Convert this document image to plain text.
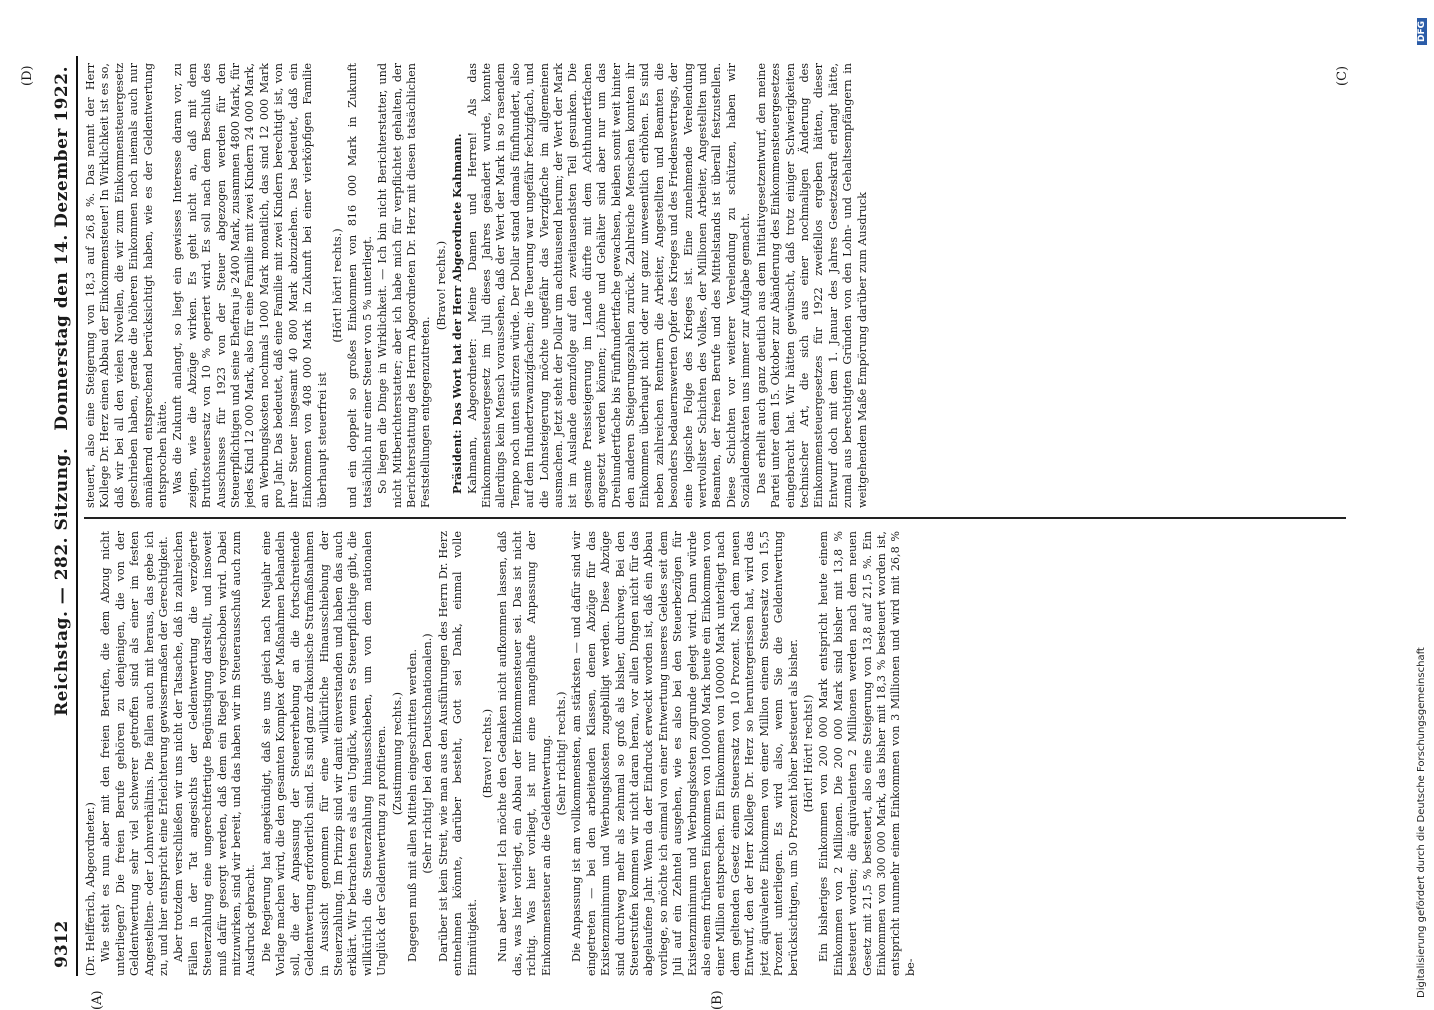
9312
Reichstag. — 282. Sitzung.
Donnerstag den 14. Dezember 1922.

(Dr. Helfferich, Abgeordneter.) Wie steht es nun aber mit den freien Berufen, die dem Abzug nicht unterliegen? Die freien Berufe gehören zu denjenigen, die von der Geldentwertung sehr viel schwerer getroffen sind als einer im festen Angestellten- oder Lohnverhältnis. Die fallen auch mit heraus, das gebe ich zu, und hier entspricht eine Erleichterung gewissermaßen der Gerechtigkeit. Aber trotzdem verschließen wir uns nicht der Tatsache, daß in zahlreichen Fällen in der Tat angesichts der Geldentwertung die verzögerte Steuerzahlung eine ungerechtfertigte Begünstigung darstellt, und insoweit muß dafür gesorgt werden, daß dem ein Riegel vorgeschoben wird. Dabei mitzuwirken, sind wir bereit, und das haben wir im Steuerausschuß auch zum Ausdruck gebracht. Die Regierung hat angekündigt, daß sie uns gleich nach Neujahr eine Vorlage machen wird, die den gesamten Komplex der Maßnahmen behandeln soll, die der Anpassung der Steuererhebung an die fortschreitende Geldentwertung erforderlich sind. Es sind ganz drakonische Strafmaßnahmen in Aussicht genommen für eine willkürliche Hinausschiebung der Steuerzahlung. Im Prinzip sind wir damit einverstanden und haben das auch erklärt. Wir betrachten es als ein Unglück, wenn es Steuerpflichtige gibt, die willkürlich die Steuerzahlung hinausschieben, um von dem nationalen Unglück der Geldentwertung zu profitieren. (Zustimmung rechts.) Dagegen muß mit allen Mitteln eingeschritten werden. (Sehr richtig! bei den Deutschnationalen.) Darüber ist kein Streit, wie man aus den Ausführungen des Herrn Dr. Herz entnehmen könnte, darüber besteht, Gott sei Dank, einmal volle Einmütigkeit.

(Bravo! rechts.) Nun aber weiter! Ich möchte den Gedanken nicht aufkommen lassen, daß das, was hier vorliegt, ein Abbau der Einkommensteuer sei. Das ist nicht richtig. Was hier vorliegt, ist nur eine mangelhafte Anpassung der Einkommensteuer an die Geldentwertung. (Sehr richtig! rechts.) Die Anpassung ist am vollkommensten, am stärksten — und dafür sind wir eingetreten — bei den arbeitenden Klassen, denen Abzüge für das Existenzminimum und Werbungskosten zugebilligt werden. Diese Abzüge sind durchweg mehr als zehnmal so groß als bisher, durchweg. Bei den Steuerstufen kommen wir nicht daran heran, vor allen Dingen nicht für das abgelaufene Jahr. Wenn da der Eindruck erweckt worden ist, daß ein Abbau vorliege, so möchte ich einmal von einer Entwertung unseres Geldes seit dem Juli auf ein Zehntel ausgehen, wie es also bei den Steuerbezügen für Existenzminimum und Werbungskosten zugrunde gelegt wird. Dann würde also einem früheren Einkommen von 100000 Mark heute ein Einkommen von einer Million entsprechen. Ein Einkommen von 100000 Mark unterliegt nach dem geltenden Gesetz einem Steuersatz von 10 Prozent. Nach dem neuen Entwurf, den der Herr Kollege Dr. Herz so heruntergerissen hat, wird das jetzt äquivalente Einkommen von einer Million einem Steuersatz von 15,5 Prozent unterliegen. Es wird also, wenn Sie die Geldentwertung berücksichtigen, um 50 Prozent höher besteuert als bisher. (Hört! Hört! rechts!) Ein bisheriges Einkommen von 200 000 Mark entspricht heute einem Einkommen von 2 Millionen. Die 200 000 Mark sind bisher mit 13,8 % besteuert worden; die äquivalenten 2 Millionen werden nach dem neuen Gesetz mit 21,5 % besteuert, also eine Steigerung von 13,8 auf 21,5 %. Ein Einkommen von 300 000 Mark, das bisher mit 18,3 % besteuert worden ist, entspricht nunmehr einem Einkommen von 3 Millionen und wird mit 26,8 % be-

steuert, also eine Steigerung von 18,3 auf 26,8 %. Das nennt der Herr Kollege Dr. Herz einen Abbau der Einkommensteuer! In Wirklichkeit ist es so, daß wir bei all den vielen Novellen, die wir zum Einkommensteuergesetz geschrieben haben, gerade die höheren Einkommen noch niemals auch nur annähernd entsprechend berücksichtigt haben, wie es der Geldentwertung entsprochen hätte. Was die Zukunft anlangt, so liegt ein gewisses Interesse daran vor, zu zeigen, wie die Abzüge wirken. Es geht nicht an, daß mit dem Bruttosteuersatz von 10 % operiert wird. Es soll nach dem Beschluß des Ausschusses für 1923 von der Steuer abgezogen werden für den Steuerpflichtigen und seine Ehefrau je 2400 Mark, zusammen 4800 Mark, für jedes Kind 12 000 Mark, also für eine Familie mit zwei Kindern 24 000 Mark, an Werbungskosten nochmals 1000 Mark monatlich, das sind 12 000 Mark pro Jahr. Das bedeutet, daß eine Familie mit zwei Kindern berechtigt ist, von ihrer Steuer insgesamt 40 800 Mark abzuziehen. Das bedeutet, daß ein Einkommen von 408 000 Mark in Zukunft bei einer vierköpfigen Familie überhaupt steuerfrei ist

(Hört! hört! rechts.) und ein doppelt so großes Einkommen von 816 000 Mark in Zukunft tatsächlich nur einer Steuer von 5 % unterliegt. So liegen die Dinge in Wirklichkeit. — Ich bin nicht Berichterstatter, und nicht Mitberichterstatter; aber ich habe mich für verpflichtet gehalten, der Berichterstattung des Herrn Abgeordneten Dr. Herz mit diesen tatsächlichen Feststellungen entgegenzutreten.

(Bravo! rechts.) Präsident: Das Wort hat der Herr Abgeordnete Kahmann. Kahmann, Abgeordneter: Meine Damen und Herren! Als das Einkommensteuergesetz im Juli dieses Jahres geändert wurde, konnte allerdings kein Mensch voraussehen, daß der Wert der Mark in so rasendem Tempo noch unten stürzen würde. Der Dollar stand damals fünfhundert, also auf dem Hundertzwanzigfachen; die Teuerung war ungefähr fechzigfach, und die Lohnsteigerung möchte ungefähr das Vierzigfache im allgemeinen ausmachen. Jetzt steht der Dollar um achttausend herum; der Wert der Mark ist im Auslande demzufolge auf den zweitausendsten Teil gesunken. Die gesamte Preissteigerung im Lande dürfte mit dem Achthundertfachen angesetzt werden können; Löhne und Gehälter sind aber nur um das Dreihundertfache bis Fünfhundertfache gewachsen, bleiben somit weit hinter den anderen Steigerungszahlen zurück. Zahlreiche Menschen konnten ihr Einkommen überhaupt nicht oder nur ganz unwesentlich erhöhen. Es sind neben zahlreichen Rentnern die Arbeiter, Angestellten und Beamten die besonders bedauernswerten Opfer des Krieges und des Friedensvertrags, der eine logische Folge des Krieges ist. Eine zunehmende Verelendung wertvollster Schichten des Volkes, der Millionen Arbeiter, Angestellten und Beamten, der freien Berufe und des Mittelstands ist überall festzustellen. Diese Schichten vor weiterer Verelendung zu schützen, haben wir Sozialdemokraten uns immer zur Aufgabe gemacht. Das erhellt auch ganz deutlich aus dem Initiativgesetzentwurf, den meine Partei unter dem 15. Oktober zur Abänderung des Einkommensteuergesetzes eingebracht hat. Wir hätten gewünscht, daß trotz einiger Schwierigkeiten technischer Art, die sich aus einer nochmaligen Änderung des Einkommensteuergesetzes für 1922 zweifellos ergeben hätten, dieser Entwurf doch mit dem 1. Januar des Jahres Gesetzeskraft erlangt hätte, zumal aus berechtigten Gründen von den Lohn- und Gehaltsempfängern in weitgehendem Maße Empörung darüber zum Ausdruck

(A)	(B)
(C)
(D)
Digitalisierung gefördert durch die Deutsche Forschungsgemeinschaft
DFG
